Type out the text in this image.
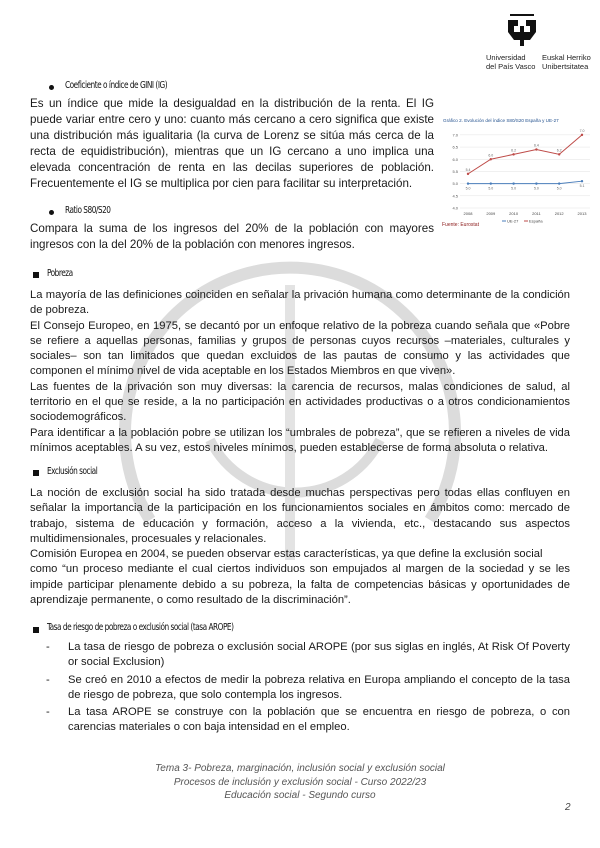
Universidad
del País Vasco
Euskal Herriko
Unibertsitatea
Coeficiente o índice de GINI (IG)

Es un índice que mide la desigualdad en la distribución de la renta. El IG puede variar entre cero y uno: cuanto más cercano a cero significa que existe una distribución más igualitaria (la curva de Lorenz se sitúa más cerca de la recta de equidistribución), mientras que un IG cercano a uno implica una elevada concentración de renta en las decilas superiores de población. Frecuentemente el IG se multiplica por cien para facilitar su interpretación.

Ratio S80/S20

Compara la suma de los ingresos del 20% de la población con mayores ingresos con la del 20% de la población con menores ingresos.

Gráfico 2. Evolución del índice S80/S20 España y UE-27
4.0
4.5
5.0
5.5
6.0
6.5
7.0
2008	2009	2010	2011	2012	2013
5.0	5.0	5.0	5.0	5.0
5.1
UE-27
5.4
6.0
6.2
6.4
6.2
7.0
España
Fuente: Eurostat
Pobreza
La mayoría de las definiciones coinciden en señalar la privación humana como determinante de la condición de pobreza.
El Consejo Europeo, en 1975, se decantó por un enfoque relativo de la pobreza cuando señala que «Pobre se refiere a aquellas personas, familias y grupos de personas cuyos recursos –materiales, culturales y sociales– son tan limitados que quedan excluidos de las pautas de consumo y las actividades que componen el mínimo nivel de vida aceptable en los Estados Miembros en que viven».
Las fuentes de la privación son muy diversas: la carencia de recursos, malas condiciones de salud, al territorio en el que se reside, a la no participación en actividades productivas o a otros condicionamientos sociodemográficos.
Para identificar a la población pobre se utilizan los “umbrales de pobreza”, que se refieren a niveles de vida mínimos aceptables. A su vez, estos niveles mínimos, pueden establecerse de forma absoluta o relativa.
Exclusión social
La noción de exclusión social ha sido tratada desde muchas perspectivas pero todas ellas confluyen en señalar la importancia de la participación en los funcionamientos sociales en ámbitos como: mercado de trabajo, sistema de educación y formación, acceso a la vivienda, etc., destacando sus aspectos multidimensionales, procesuales y relacionales.
Comisión Europea en 2004, se pueden observar estas características, ya que define la exclusión social
como “un proceso mediante el cual ciertos individuos son empujados al margen de la sociedad y se les impide participar plenamente debido a su pobreza, la falta de competencias básicas y oportunidades de aprendizaje permanente, o como resultado de la discriminación”.
Tasa de riesgo de pobreza o exclusión social (tasa AROPE)
- La tasa de riesgo de pobreza o exclusión social AROPE (por sus siglas en inglés, At Risk Of Poverty or social Exclusion)
- Se creó en 2010 a efectos de medir la pobreza relativa en Europa ampliando el concepto de la tasa de riesgo de pobreza, que solo contempla los ingresos.
- La tasa AROPE se construye con la población que se encuentra en riesgo de pobreza, o con carencias materiales o con baja intensidad en el empleo.
Tema 3- Pobreza, marginación, inclusión social y exclusión social
Procesos de inclusión y exclusión social - Curso 2022/23
Educación social - Segundo curso
2
